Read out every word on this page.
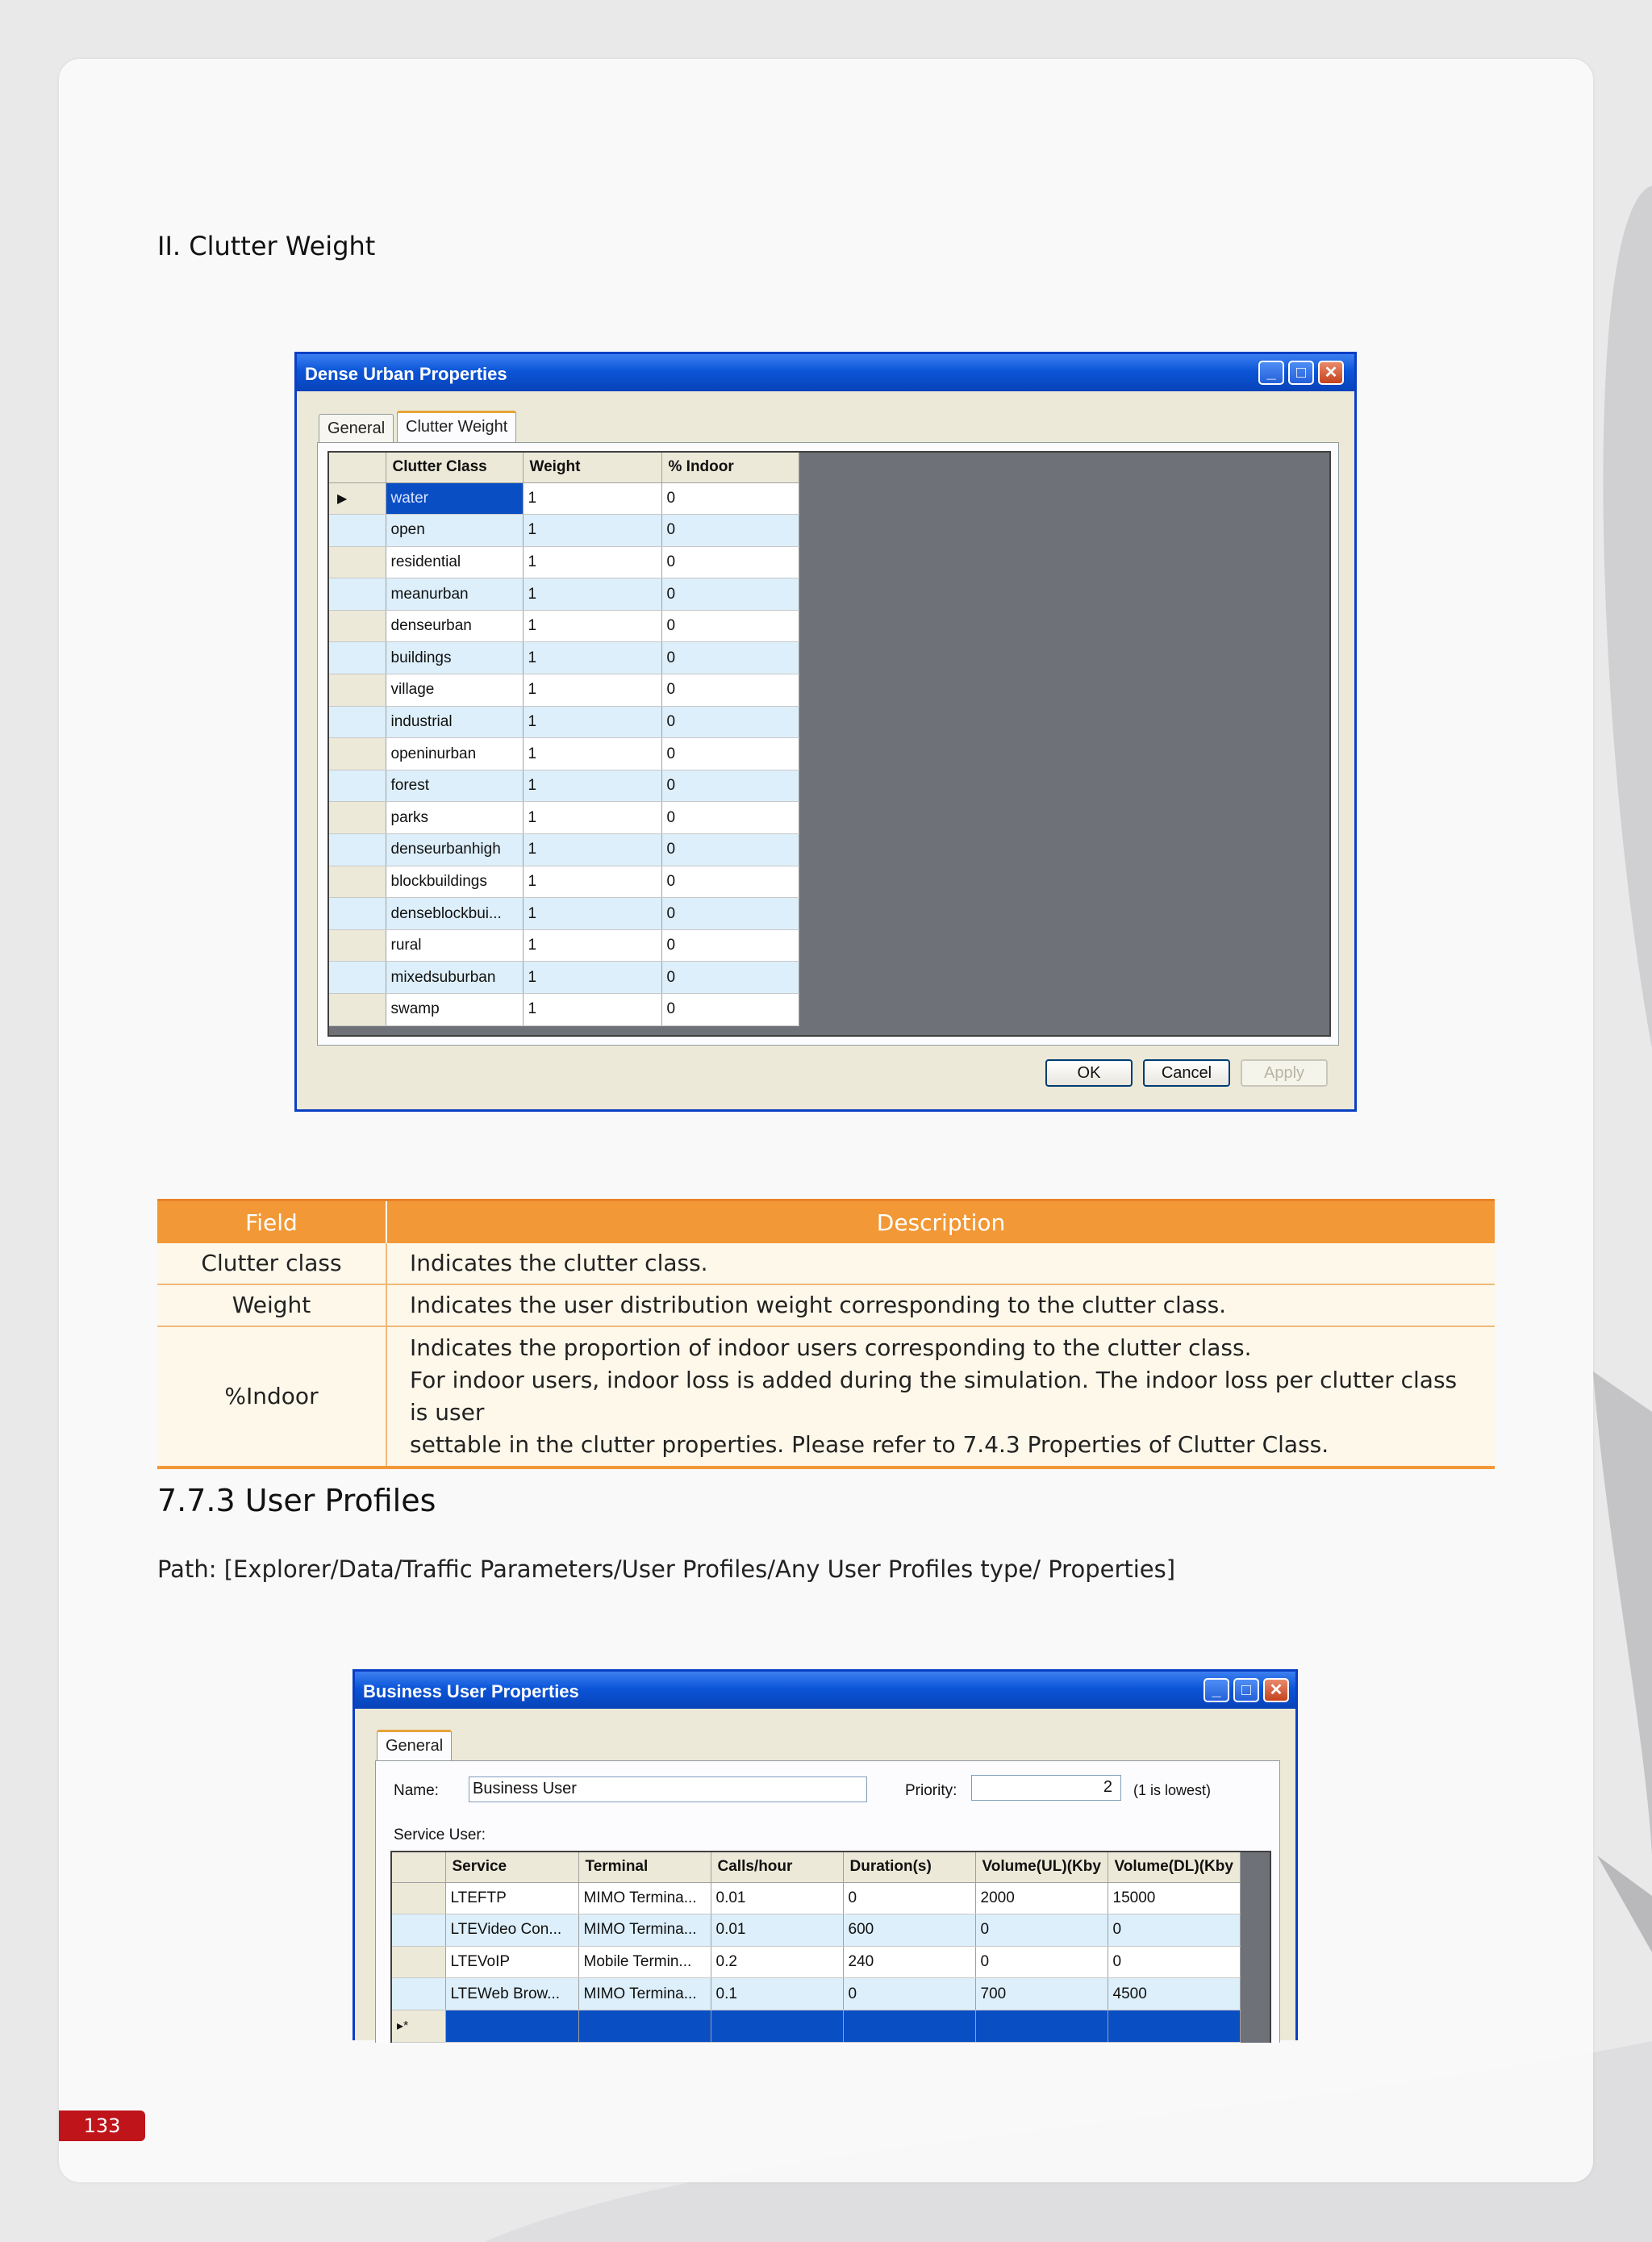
II. Clutter Weight
Dense Urban Properties	_	□	✕
General	Clutter Weight
	Clutter Class	Weight	% Indoor
▶	water	1	0
	open	1	0
	residential	1	0
	meanurban	1	0
	denseurban	1	0
	buildings	1	0
	village	1	0
	industrial	1	0
	openinurban	1	0
	forest	1	0
	parks	1	0
	denseurbanhigh	1	0
	blockbuildings	1	0
	denseblockbui...	1	0
	rural	1	0
	mixedsuburban	1	0
	swamp	1	0
OK	Cancel	Apply
Field	Description
Clutter class	Indicates the clutter class.
Weight	Indicates the user distribution weight corresponding to the clutter class.
%Indoor	Indicates the proportion of indoor users corresponding to the clutter class.
For indoor users, indoor loss is added during the simulation. The indoor loss per clutter class is user
settable in the clutter properties. Please refer to 7.4.3 Properties of Clutter Class.
7.7.3 User Profiles
Path: [Explorer/Data/Traffic Parameters/User Profiles/Any User Profiles type/ Properties]
Business User Properties	_	□	✕
General
Name: Business User	Priority:	2	(1 is lowest)
Service User:
	Service	Terminal	Calls/hour	Duration(s)	Volume(UL)(Kby	Volume(DL)(Kby
	LTEFTP	MIMO Termina...	0.01	0	2000	15000
	LTEVideo Con...	MIMO Termina...	0.01	600	0	0
	LTEVoIP	Mobile Termin...	0.2	240	0	0
	LTEWeb Brow...	MIMO Termina...	0.1	0	700	4500
▸*						
133
